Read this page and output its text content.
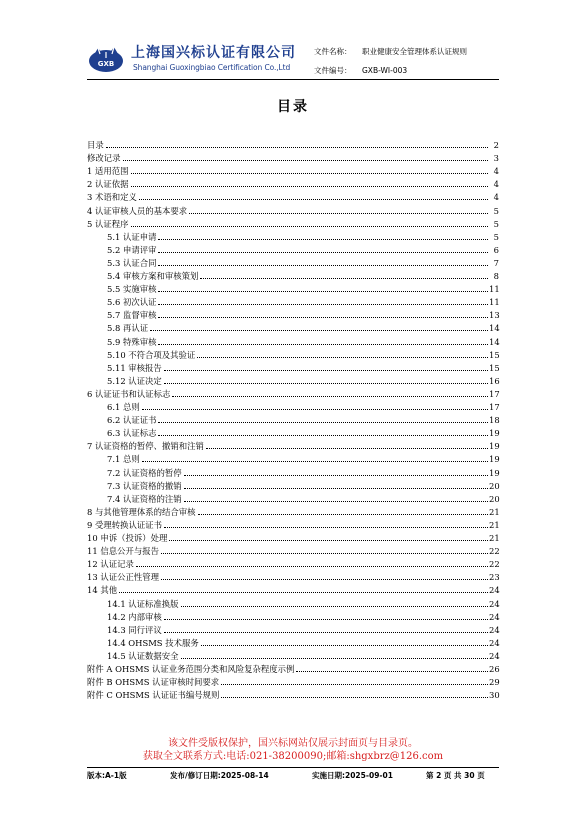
GXB
上海国兴标认证有限公司
Shanghai Guoxingbiao Certification Co.,Ltd
文件名称： 职业健康安全管理体系认证规则
文件编号： GXB-WI-003
目录
目录	2
修改记录	3
1 适用范围	4
2 认证依据	4
3 术语和定义	4
4 认证审核人员的基本要求	5
5 认证程序	5
5.1 认证申请	5
5.2 申请评审	6
5.3 认证合同	7
5.4 审核方案和审核策划	8
5.5 实施审核	11
5.6 初次认证	11
5.7 监督审核	13
5.8 再认证	14
5.9 特殊审核	14
5.10 不符合项及其验证	15
5.11 审核报告	15
5.12 认证决定	16
6 认证证书和认证标志	17
6.1 总则	17
6.2 认证证书	18
6.3 认证标志	19
7 认证资格的暂停、撤销和注销	19
7.1 总则	19
7.2 认证资格的暂停	19
7.3 认证资格的撤销	20
7.4 认证资格的注销	20
8 与其他管理体系的结合审核	21
9 受理转换认证证书	21
10 申诉（投诉）处理	21
11 信息公开与报告	22
12 认证记录	22
13 认证公正性管理	23
14 其他	24
14.1 认证标准换版	24
14.2 内部审核	24
14.3 同行评议	24
14.4 OHSMS 技术服务	24
14.5 认证数据安全	24
附件 A OHSMS 认证业务范围分类和风险复杂程度示例	26
附件 B OHSMS 认证审核时间要求	29
附件 C OHSMS 认证证书编号规则	30
该文件受版权保护，国兴标网站仅展示封面页与目录页。
获取全文联系方式:电话:021-38200090;邮箱:shgxbrz@126.com
版本:A-1版	发布/修订日期:2025-08-14	实施日期:2025-09-01	第 2 页 共 30 页
